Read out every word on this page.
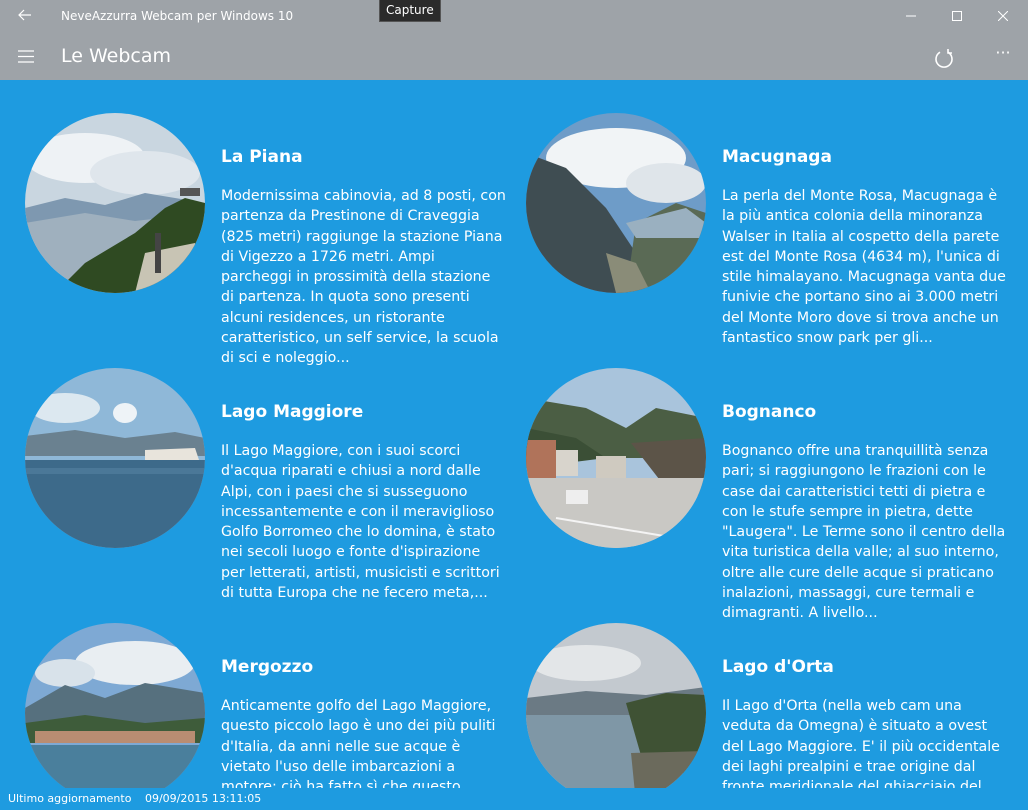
NeveAzzurra Webcam per Windows 10	Capture
Le Webcam	···
La Piana

Modernissima cabinovia, ad 8 posti, con partenza da Prestinone di Craveggia (825 metri) raggiunge la stazione Piana di Vigezzo a 1726 metri. Ampi parcheggi in prossimità della stazione di partenza. In quota sono presenti alcuni residences, un ristorante caratteristico, un self service, la scuola di sci e noleggio...

Macugnaga

La perla del Monte Rosa, Macugnaga è la più antica colonia della minoranza Walser in Italia al cospetto della parete est del Monte Rosa (4634 m), l'unica di stile himalayano. Macugnaga vanta due funivie che portano sino ai 3.000 metri del Monte Moro dove si trova anche un fantastico snow park per gli...

Lago Maggiore

Il Lago Maggiore, con i suoi scorci d'acqua riparati e chiusi a nord dalle Alpi, con i paesi che si susseguono incessantemente e con il meraviglioso Golfo Borromeo che lo domina, è stato nei secoli luogo e fonte d'ispirazione per letterati, artisti, musicisti e scrittori di tutta Europa che ne fecero meta,...

Bognanco

Bognanco offre una tranquillità senza pari; si raggiungono le frazioni con le case dai caratteristici tetti di pietra e con le stufe sempre in pietra, dette "Laugera". Le Terme sono il centro della vita turistica della valle; al suo interno, oltre alle cure delle acque si praticano inalazioni, massaggi, cure termali e dimagranti. A livello...

Mergozzo

Anticamente golfo del Lago Maggiore, questo piccolo lago è uno dei più puliti d'Italia, da anni nelle sue acque è vietato l'uso delle imbarcazioni a

Lago d'Orta

Il Lago d'Orta (nella web cam una veduta da Omegna) è situato a ovest del Lago Maggiore. E' il più occidentale dei laghi prealpini e trae origine dal

Ultimo aggiornamento 09/09/2015 13:11:05
